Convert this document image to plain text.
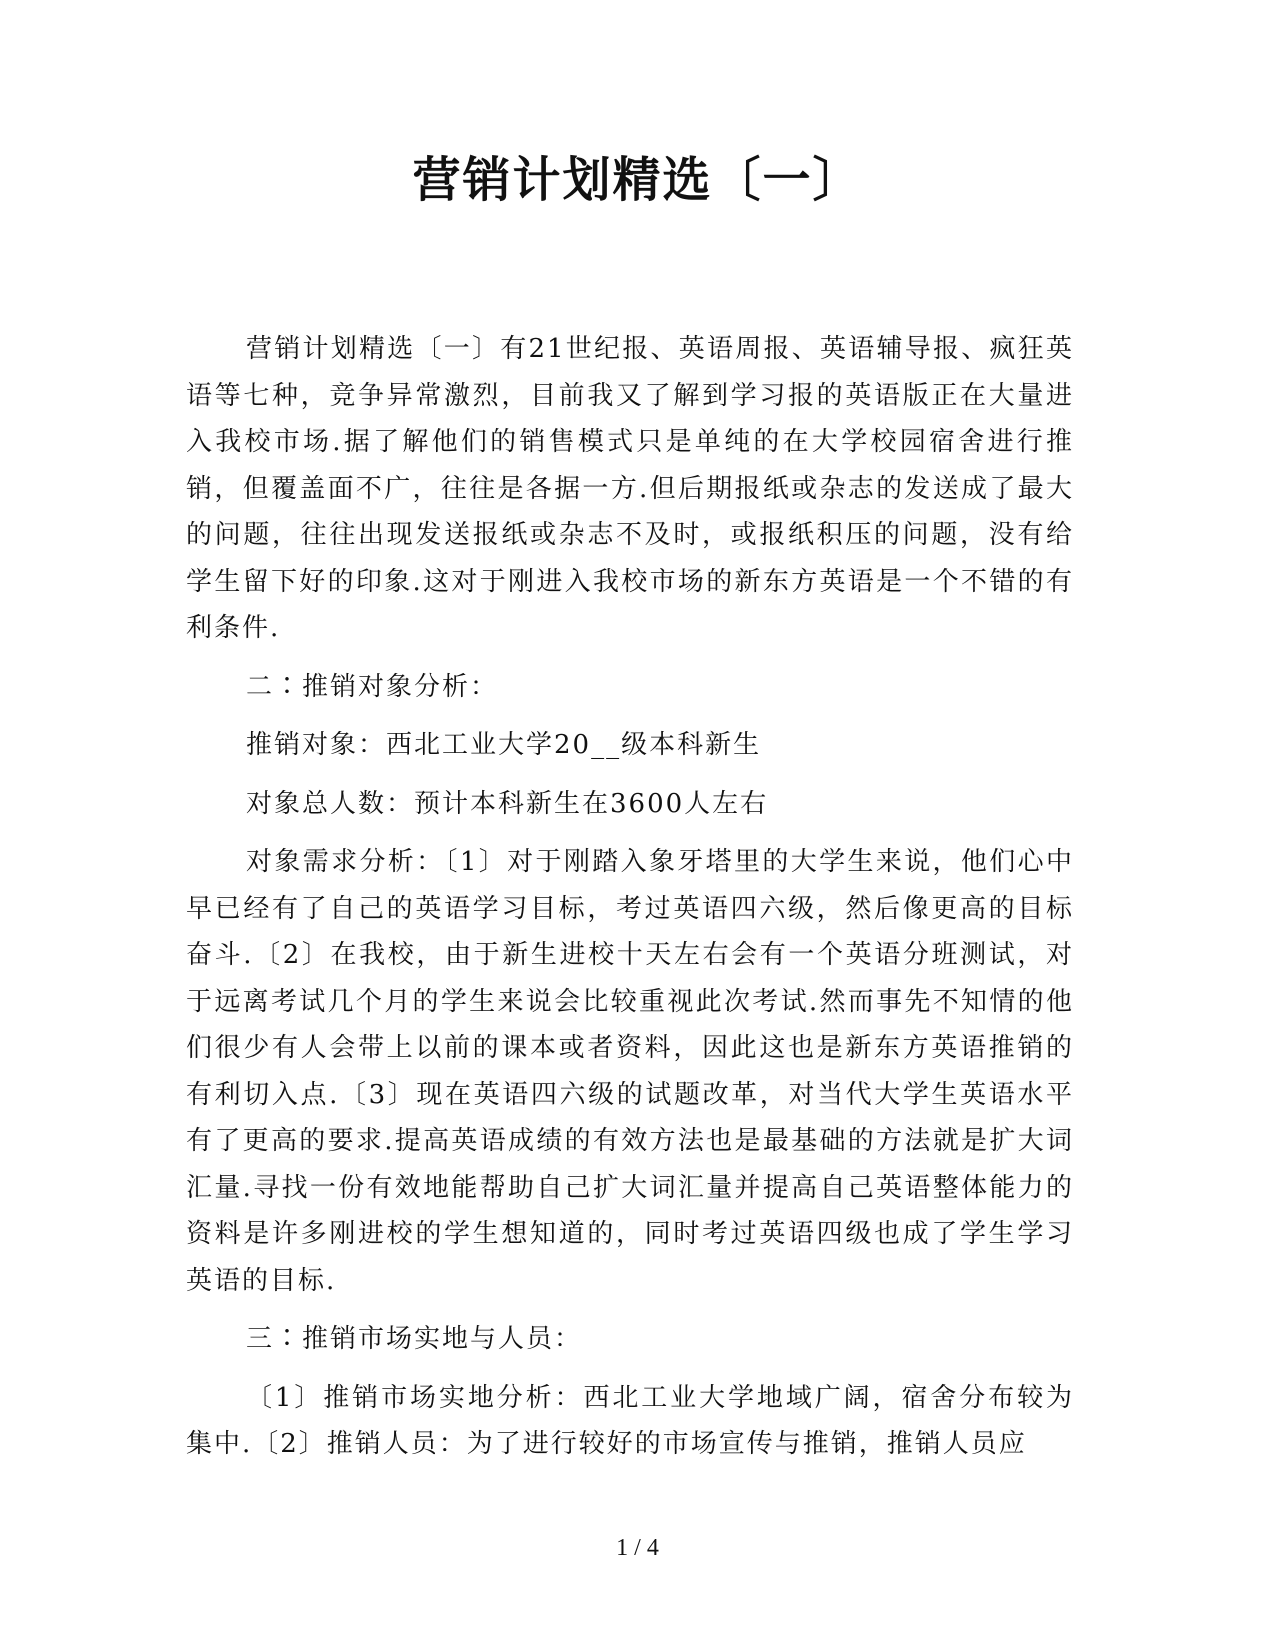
营销计划精选〔一〕

营销计划精选〔一〕有21世纪报、英语周报、英语辅导报、疯狂英语等七种，竞争异常激烈，目前我又了解到学习报的英语版正在大量进入我校市场.据了解他们的销售模式只是单纯的在大学校园宿舍进行推销，但覆盖面不广，往往是各据一方.但后期报纸或杂志的发送成了最大的问题，往往出现发送报纸或杂志不及时，或报纸积压的问题，没有给学生留下好的印象.这对于刚进入我校市场的新东方英语是一个不错的有利条件.

二∶推销对象分析：

推销对象：西北工业大学20__级本科新生

对象总人数：预计本科新生在3600人左右

对象需求分析：〔1〕对于刚踏入象牙塔里的大学生来说，他们心中早已经有了自己的英语学习目标，考过英语四六级，然后像更高的目标奋斗.〔2〕在我校，由于新生进校十天左右会有一个英语分班测试，对于远离考试几个月的学生来说会比较重视此次考试.然而事先不知情的他们很少有人会带上以前的课本或者资料，因此这也是新东方英语推销的有利切入点.〔3〕现在英语四六级的试题改革，对当代大学生英语水平有了更高的要求.提高英语成绩的有效方法也是最基础的方法就是扩大词汇量.寻找一份有效地能帮助自己扩大词汇量并提高自己英语整体能力的资料是许多刚进校的学生想知道的，同时考过英语四级也成了学生学习英语的目标.

三∶推销市场实地与人员：

〔1〕推销市场实地分析：西北工业大学地域广阔，宿舍分布较为集中.〔2〕推销人员：为了进行较好的市场宣传与推销，推销人员应

1 / 4
